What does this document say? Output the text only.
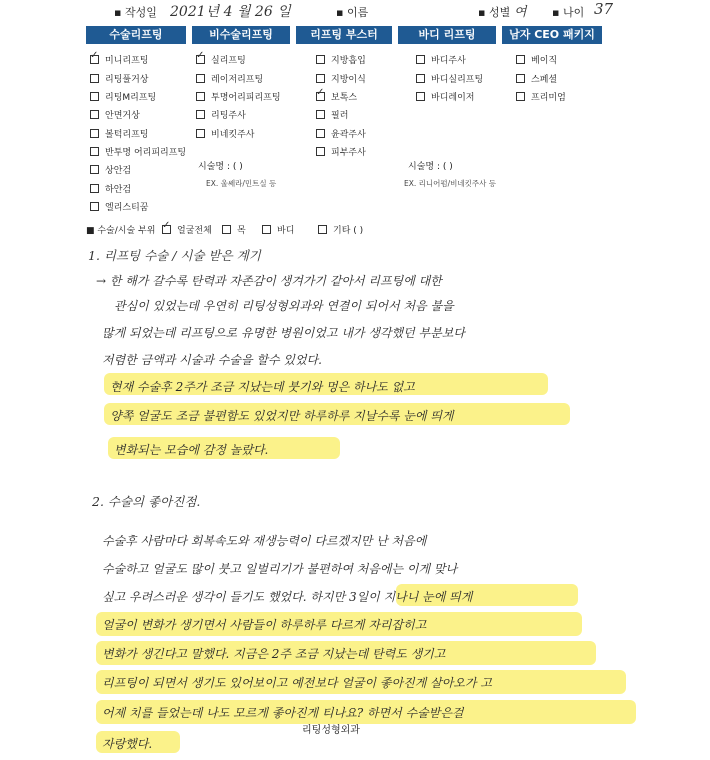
▪ 작성일 2021년 4 월 26 일	▪ 이름	▪ 성별 여 ▪ 나이 37
수술리프팅	비수술리프팅	리프팅 부스터	바디 리프팅	남자 CEO 패키지
✓미니리프팅
리팅풀거상
리팅M리프팅
안면거상
볼턱리프팅
반투명 어리피리프팅
상안검
하안검
엘리스티꿈
✓실리프팅
레이저리프팅
투명어리피리프팅
리팅주사
비네킷주사
시술명 : ( )
EX. 울쎄라/민트실 등
지방흡입
지방이식
✓보톡스
필러
윤곽주사
피부주사
바디주사
바디실리프팅
바디레이저
시술명 : ( )
EX. 리니어펌/비네킷주사 등
베이직
스페셜
프리미엄
■ 수술/시술 부위
✓	얼굴전체	목	바디	기타 ( )
1. 리프팅 수술 / 시술 받은 계기
→ 한 해가 갈수록 탄력과 자존감이 생겨가기 같아서 리프팅에 대한
관심이 있었는데 우연히 리팅성형외과와 연결이 되어서 처음 불을
많게 되었는데 리프팅으로 유명한 병원이었고 내가 생각했던 부분보다
저렴한 금액과 시술과 수술을 할수 있었다.
현재 수술후 2주가 조금 지났는데 붓기와 멍은 하나도 없고
양쪽 얼굴도 조금 불편함도 있었지만 하루하루 지날수록 눈에 띄게
변화되는 모습에 감정 놀랐다.
2. 수술의 좋아진점.
수술후 사람마다 회복속도와 재생능력이 다르겠지만 난 처음에
수술하고 얼굴도 많이 붓고 일벌리기가 불편하여 처음에는 이게 맞나
싶고 우려스러운 생각이 들기도 했었다. 하지만 3일이 지나니 눈에 띄게
얼굴이 변화가 생기면서 사람들이 하루하루 다르게 자리잡히고
변화가 생긴다고 말했다. 지금은 2주 조금 지났는데 탄력도 생기고
리프팅이 되면서 생기도 있어보이고 예전보다 얼굴이 좋아진게 살아오가 고
어제 치를 들었는데 나도 모르게 좋아진게 티나요? 하면서 수술받은걸
자랑했다.
리팅성형외과
